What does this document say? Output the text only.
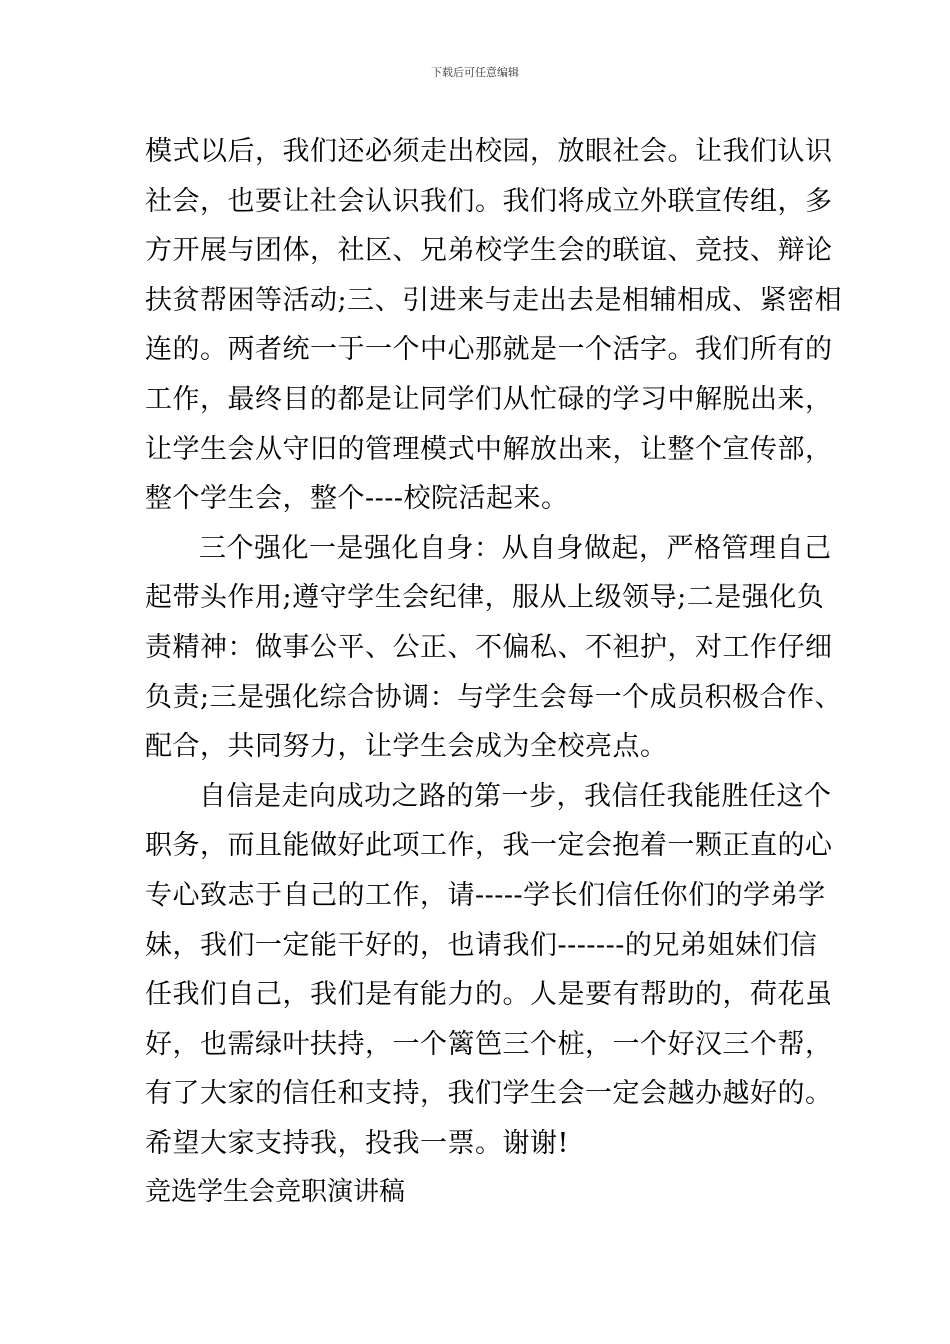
下载后可任意编辑
模式以后，我们还必须走出校园，放眼社会。让我们认识
社会，也要让社会认识我们。我们将成立外联宣传组，多
方开展与团体，社区、兄弟校学生会的联谊、竞技、辩论
扶贫帮困等活动;三、引进来与走出去是相辅相成、紧密相
连的。两者统一于一个中心那就是一个活字。我们所有的
工作，最终目的都是让同学们从忙碌的学习中解脱出来，
让学生会从守旧的管理模式中解放出来，让整个宣传部，
整个学生会，整个----校院活起来。
三个强化一是强化自身：从自身做起，严格管理自己
起带头作用;遵守学生会纪律，服从上级领导;二是强化负
责精神：做事公平、公正、不偏私、不袒护，对工作仔细
负责;三是强化综合协调：与学生会每一个成员积极合作、
配合，共同努力，让学生会成为全校亮点。
自信是走向成功之路的第一步，我信任我能胜任这个
职务，而且能做好此项工作，我一定会抱着一颗正直的心
专心致志于自己的工作，请-----学长们信任你们的学弟学
妹，我们一定能干好的，也请我们-------的兄弟姐妹们信
任我们自己，我们是有能力的。人是要有帮助的，荷花虽
好，也需绿叶扶持，一个篱笆三个桩，一个好汉三个帮，
有了大家的信任和支持，我们学生会一定会越办越好的。
希望大家支持我，投我一票。谢谢!
竞选学生会竞职演讲稿
